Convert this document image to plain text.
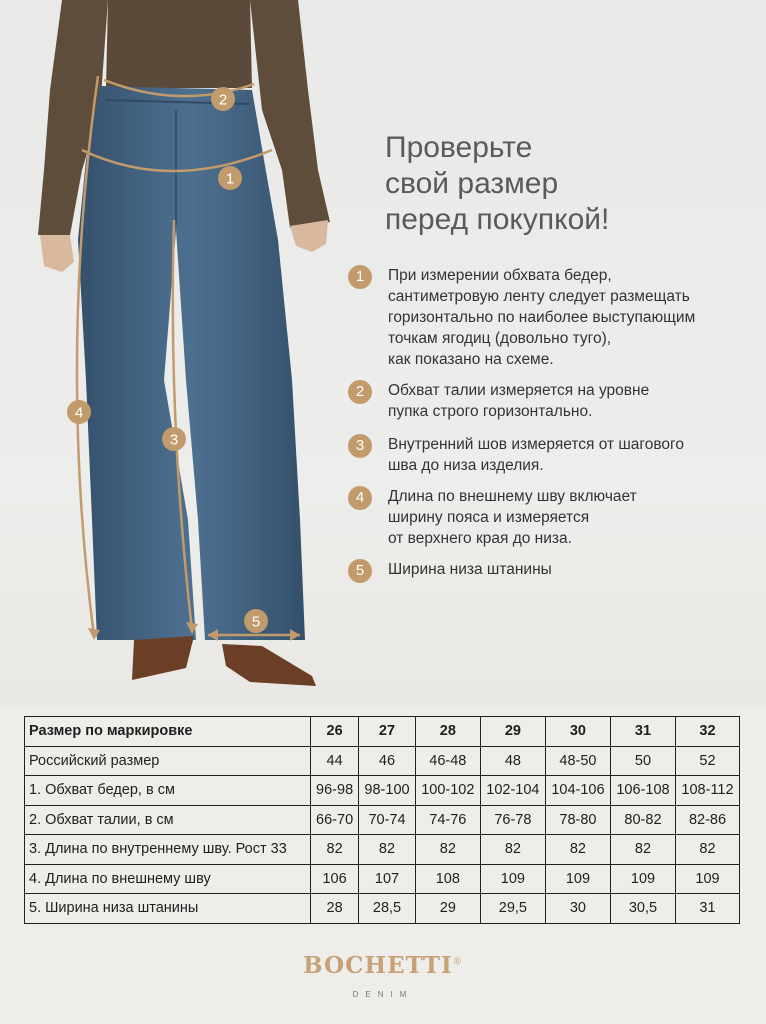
1
2
3
4
5
Проверьте
свой размер
перед покупкой!
1	При измерении обхвата бедер,
сантиметровую ленту следует размещать
горизонтально по наиболее выступающим
точкам ягодиц (довольно туго),
как показано на схеме.
2	Обхват талии измеряется на уровне
пупка строго горизонтально.
3	Внутренний шов измеряется от шагового
шва до низа изделия.
4	Длина по внешнему шву включает
ширину пояса и измеряется
от верхнего края до низа.
5	Ширина низа штанины
Размер по маркировке	26	27	28	29	30	31	32
Российский размер	44	46	46-48	48	48-50	50	52
1. Обхват бедер, в см	96-98	98-100	100-102	102-104	104-106	106-108	108-112
2. Обхват талии, в см	66-70	70-74	74-76	76-78	78-80	80-82	82-86
3. Длина по внутреннему шву. Рост 33	82	82	82	82	82	82	82
4. Длина по внешнему шву	106	107	108	109	109	109	109
5. Ширина низа штанины	28	28,5	29	29,5	30	30,5	31
BOCHETTI®
DENIM
